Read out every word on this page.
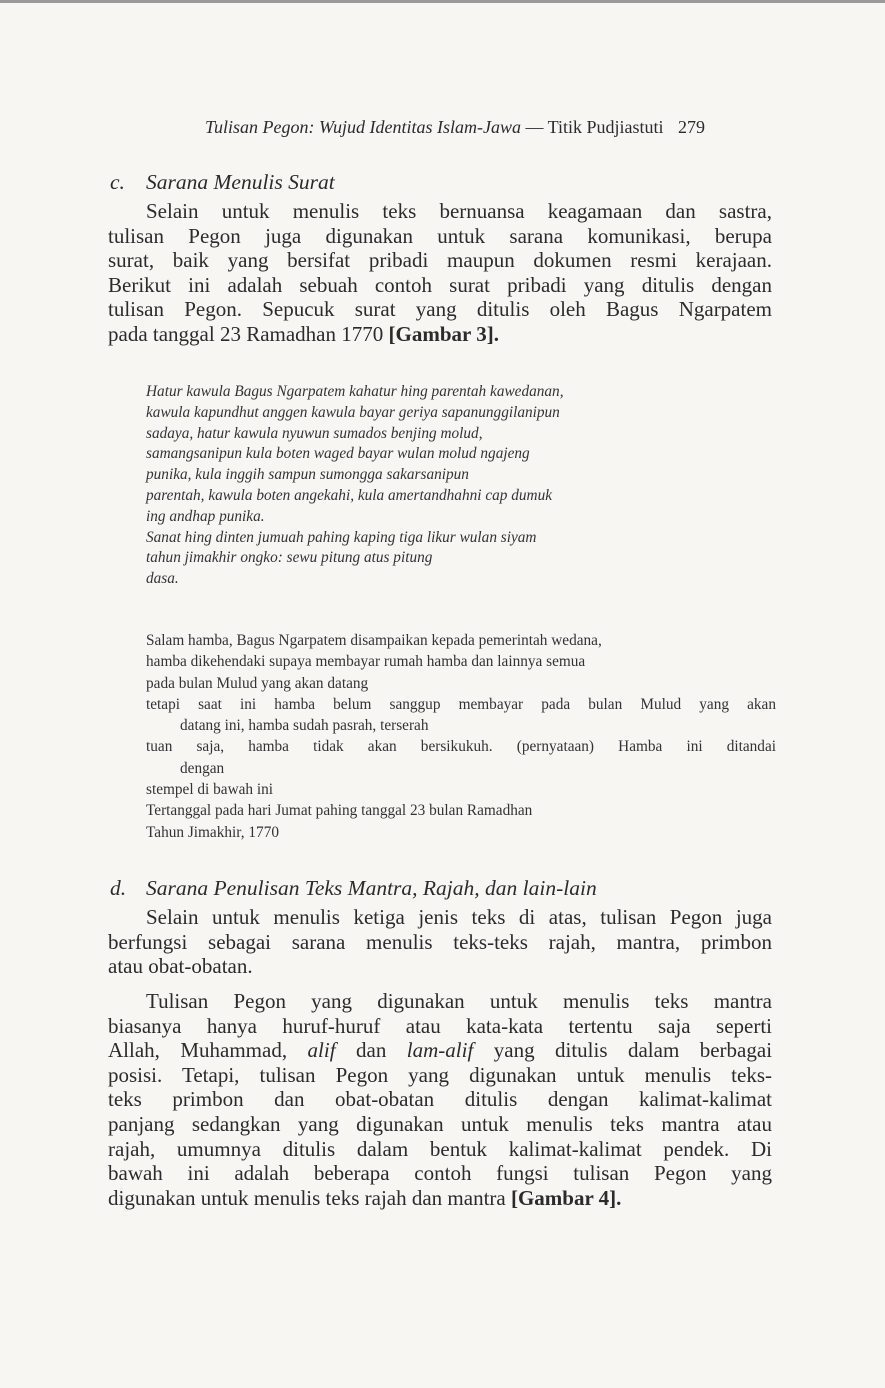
Tulisan Pegon: Wujud Identitas Islam-Jawa — Titik Pudjiastuti 279
c. Sarana Menulis Surat
Selain untuk menulis teks bernuansa keagamaan dan sastra,
tulisan Pegon juga digunakan untuk sarana komunikasi, berupa
surat, baik yang bersifat pribadi maupun dokumen resmi kerajaan.
Berikut ini adalah sebuah contoh surat pribadi yang ditulis dengan
tulisan Pegon. Sepucuk surat yang ditulis oleh Bagus Ngarpatem
pada tanggal 23 Ramadhan 1770 [Gambar 3].
Hatur kawula Bagus Ngarpatem kahatur hing parentah kawedanan,
kawula kapundhut anggen kawula bayar geriya sapanunggilanipun
sadaya, hatur kawula nyuwun sumados benjing molud,
samangsanipun kula boten waged bayar wulan molud ngajeng
punika, kula inggih sampun sumongga sakarsanipun
parentah, kawula boten angekahi, kula amertandhahni cap dumuk
ing andhap punika.
Sanat hing dinten jumuah pahing kaping tiga likur wulan siyam
tahun jimakhir ongko: sewu pitung atus pitung
dasa.
Salam hamba, Bagus Ngarpatem disampaikan kepada pemerintah wedana,
hamba dikehendaki supaya membayar rumah hamba dan lainnya semua
pada bulan Mulud yang akan datang
tetapi saat ini hamba belum sanggup membayar pada bulan Mulud yang akan
datang ini, hamba sudah pasrah, terserah
tuan saja, hamba tidak akan bersikukuh. (pernyataan) Hamba ini ditandai
dengan
stempel di bawah ini
Tertanggal pada hari Jumat pahing tanggal 23 bulan Ramadhan
Tahun Jimakhir, 1770
d. Sarana Penulisan Teks Mantra, Rajah, dan lain-lain
Selain untuk menulis ketiga jenis teks di atas, tulisan Pegon juga
berfungsi sebagai sarana menulis teks-teks rajah, mantra, primbon
atau obat-obatan.
Tulisan Pegon yang digunakan untuk menulis teks mantra
biasanya hanya huruf-huruf atau kata-kata tertentu saja seperti
Allah, Muhammad, alif dan lam-alif yang ditulis dalam berbagai
posisi. Tetapi, tulisan Pegon yang digunakan untuk menulis teks-
teks primbon dan obat-obatan ditulis dengan kalimat-kalimat
panjang sedangkan yang digunakan untuk menulis teks mantra atau
rajah, umumnya ditulis dalam bentuk kalimat-kalimat pendek. Di
bawah ini adalah beberapa contoh fungsi tulisan Pegon yang
digunakan untuk menulis teks rajah dan mantra [Gambar 4].
